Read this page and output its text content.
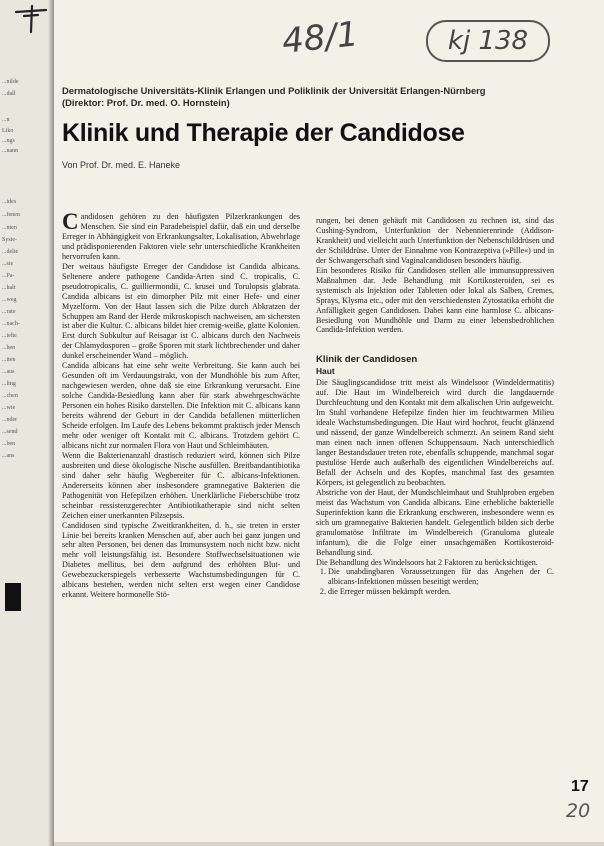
...nilde
...dall
...n
Liko
...ngs
...nann
...ides
...fenen
...nten
Sysie-
...delte
...sie
...Pa-
...halt
...weg
...rate
...nach-
...ielte
...hen
...iten
...aus
...ling
...chen
...wie
...nder
...send
...ben
...ans
48/1	kj 138
Dermatologische Universitäts-Klinik Erlangen und Poliklinik der Universität Erlangen-Nürnberg
(Direktor: Prof. Dr. med. O. Hornstein)
Klinik und Therapie der Candidose
Von Prof. Dr. med. E. Haneke

Candidosen gehören zu den häufigsten Pilzerkrankungen des Menschen. Sie sind ein Paradebeispiel dafür, daß ein und derselbe Erreger in Abhängigkeit von Erkrankungsalter, Lokalisation, Abwehrlage und prädisponierenden Faktoren viele sehr unterschiedliche Krankheiten hervorrufen kann.

Der weitaus häufigste Erreger der Candidose ist Candida albicans. Seltenere andere pathogene Candida-Arten sind C. tropicalis, C. pseudotropicalis, C. guilliermondii, C. krusei und Torulopsis glabrata. Candida albicans ist ein dimorpher Pilz mit einer Hefe- und einer Myzelform. Von der Haut lassen sich die Pilze durch Abkratzen der Schuppen am Rand der Herde mikroskopisch nachweisen, am sichersten ist aber die Kultur. C. albicans bildet hier cremig-weiße, glatte Kolonien. Erst durch Subkultur auf Reisagar ist C. albicans durch den Nachweis der Chlamydosporen – große Sporen mit stark lichtbrechender und daher dunkel erscheinender Wand – möglich.

Candida albicans hat eine sehr weite Verbreitung. Sie kann auch bei Gesunden oft im Verdauungstrakt, von der Mundhöhle bis zum After, nachgewiesen werden, ohne daß sie eine Erkrankung verursacht. Eine solche Candida-Besiedlung kann aber für stark abwehrgeschwächte Personen ein hohes Risiko darstellen. Die Infektion mit C. albicans kann bereits während der Geburt in der Candida befallenen mütterlichen Scheide erfolgen. Im Laufe des Lebens bekommt praktisch jeder Mensch mehr oder weniger oft Kontakt mit C. albicans. Trotzdem gehört C. albicans nicht zur normalen Flora von Haut und Schleimhäuten.

Wenn die Bakterienanzahl drastisch reduziert wird, können sich Pilze ausbreiten und diese ökologische Nische ausfüllen. Breitbandantibiotika sind daher sehr häufig Wegbereiter für C. albicans-Infektionen. Andererseits können aber insbesondere gramnegative Bakterien die Pathogenität von Hefepilzen erhöhen. Unerklärliche Fieberschübe trotz scheinbar ressistenzgerechter Antibiotikatherapie sind nicht selten Zeichen einer unerkannten Pilzsepsis.

Candidosen sind typische Zweitkrankheiten, d. h., sie treten in erster Linie bei bereits kranken Menschen auf, aber auch bei ganz jungen und sehr alten Personen, bei denen das Immunsystem noch nicht bzw. nicht mehr voll leistungsfähig ist. Besondere Stoffwechselsituationen wie Diabetes mellitus, bei dem aufgrund des erhöhten Blut- und Gewebezuckerspiegels verbesserte Wachstumsbedingungen für C. albicans bestehen, werden nicht selten erst wegen einer Candidose erkannt. Weitere hormonelle Stö-

rungen, bei denen gehäuft mit Candidosen zu rechnen ist, sind das Cushing-Syndrom, Unterfunktion der Nebennierenrinde (Addison-Krankheit) und vielleicht auch Unterfunktion der Nebenschilddrüsen und der Schilddrüse. Unter der Einnahme von Kontrazeptiva (»Pille«) und in der Schwangerschaft sind Vaginalcandidosen besonders häufig.

Ein besonderes Risiko für Candidosen stellen alle immunsuppressiven Maßnahmen dar. Jede Behandlung mit Kortikosteroiden, sei es systemisch als Injektion oder Tabletten oder lokal als Salben, Cremes, Sprays, Klysma etc., oder mit den verschiedensten Zytostatika erhöht die Anfälligkeit gegen Candidosen. Dabei kann eine harmlose C. albicans-Besiedlung von Mundhöhle und Darm zu einer lebensbedrohlichen Candida-Infektion werden.

Klinik der Candidosen
Haut

Die Säuglingscandidose tritt meist als Windelsoor (Windeldermatitis) auf. Die Haut im Windelbereich wird durch die langdauernde Durchfeuchtung und den Kontakt mit dem alkalischen Urin aufgeweicht. Im Stuhl vorhandene Hefepilze finden hier im feuchtwarmen Milieu ideale Wachstumsbedingungen. Die Haut wird hochrot, feucht glänzend und nässend, der ganze Windelbereich schmerzt. An seinem Rand sieht man einen nach innen offenen Schuppensaum. Nach unterschiedlich langer Bestandsdauer treten rote, ebenfalls schuppende, manchmal sogar pustulöse Herde auch außerhalb des eigentlichen Windelbereichs auf. Befall der Achseln und des Kopfes, manchmal fast des gesamten Körpers, ist gelegentlich zu beobachten.

Abstriche von der Haut, der Mundschleimhaut und Stuhlproben ergeben meist das Wachstum von Candida albicans. Eine erhebliche bakterielle Superinfektion kann die Erkrankung erschweren, insbesondere wenn es sich um gramnegative Bakterien handelt. Gelegentlich bilden sich derbe granulomatöse Infiltrate im Windelbereich (Granuloma gluteale infantum), die die Folge einer unsachgemäßen Kortikosteroid-Behandlung sind.

Die Behandlung des Windelsoors hat 2 Faktoren zu berücksichtigen.

1. Die unabdingbaren Voraussetzungen für das Angehen der C. albicans-Infektionen müssen beseitigt werden;
2. die Erreger müssen bekämpft werden.
17
20
